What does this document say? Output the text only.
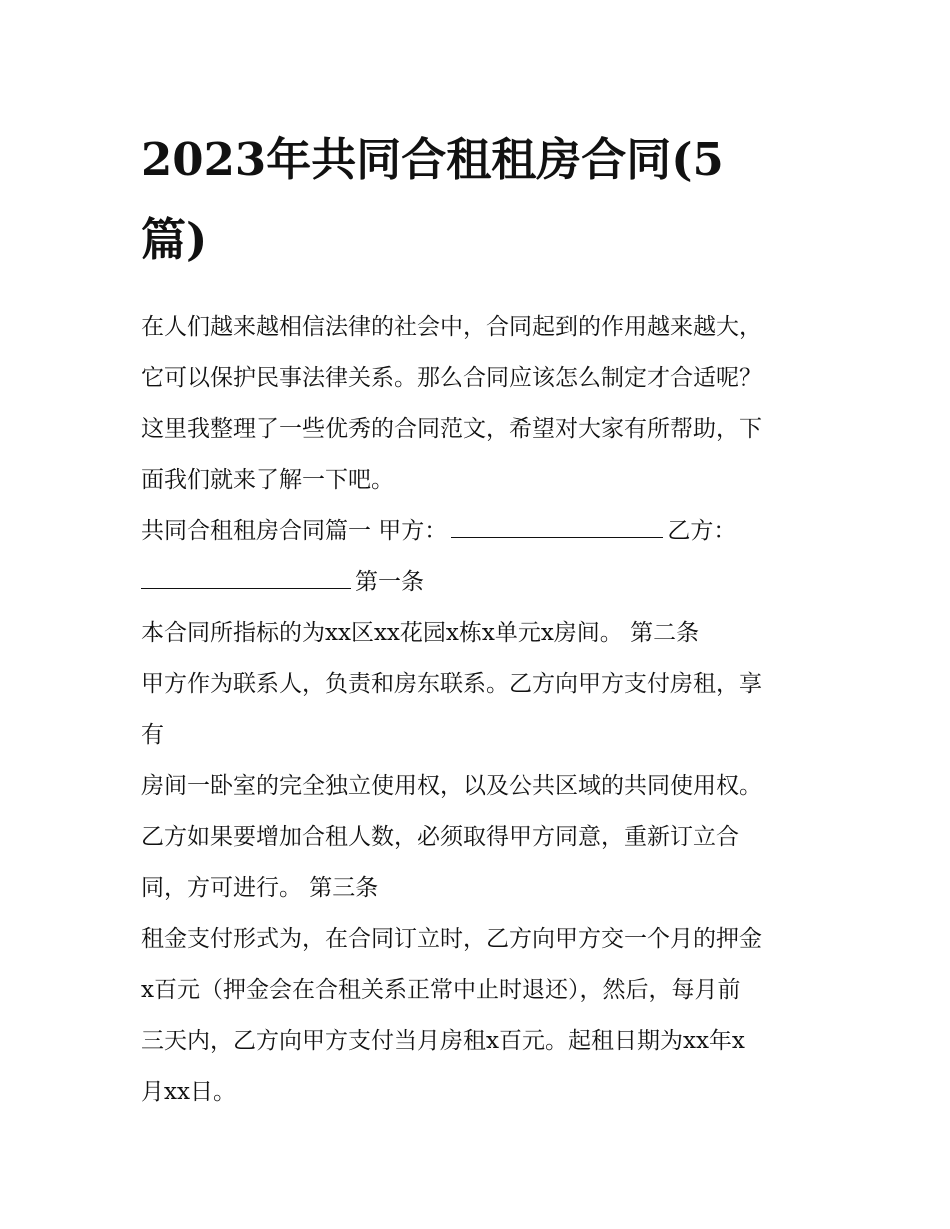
2023年共同合租租房合同(5
篇)
在人们越来越相信法律的社会中，合同起到的作用越来越大，
它可以保护民事法律关系。那么合同应该怎么制定才合适呢？
这里我整理了一些优秀的合同范文，希望对大家有所帮助，下
面我们就来了解一下吧。
共同合租租房合同篇一 甲方：	乙方：
第一条
本合同所指标的为xx区xx花园x栋x单元x房间。 第二条
甲方作为联系人，负责和房东联系。乙方向甲方支付房租，享
有
房间一卧室的完全独立使用权，以及公共区域的共同使用权。
乙方如果要增加合租人数，必须取得甲方同意，重新订立合
同，方可进行。 第三条
租金支付形式为，在合同订立时，乙方向甲方交一个月的押金
x百元（押金会在合租关系正常中止时退还），然后，每月前
三天内，乙方向甲方支付当月房租x百元。起租日期为xx年x
月xx日。
